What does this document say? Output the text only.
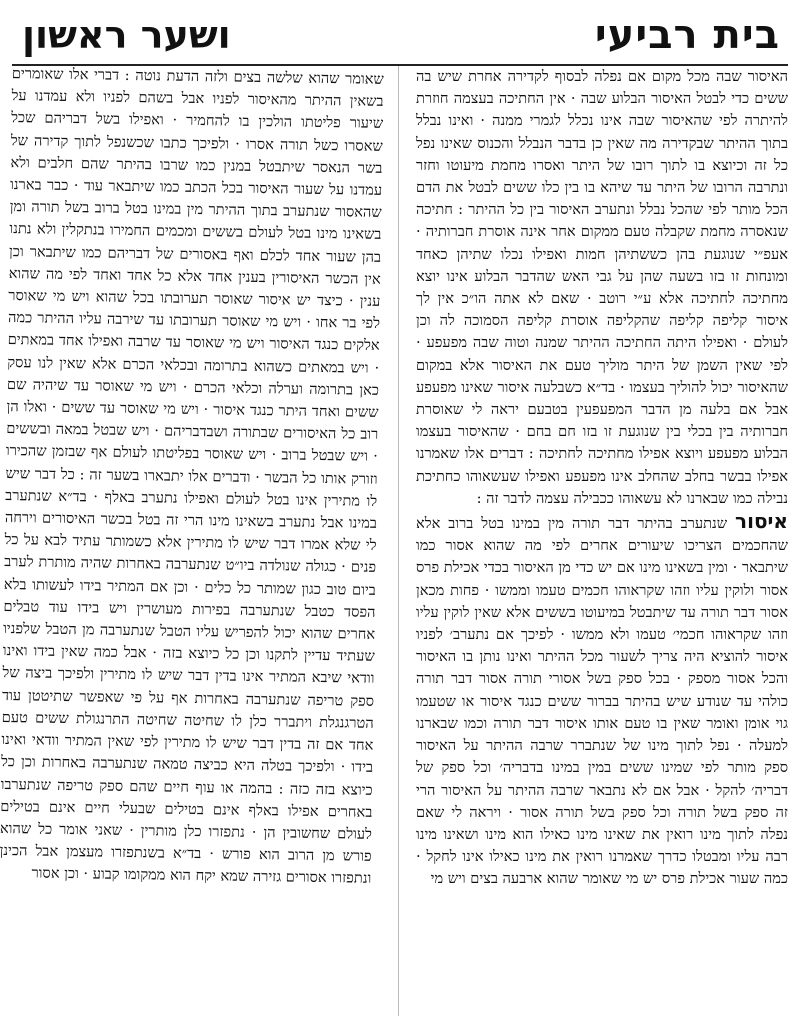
בית רביעי
ושער ראשון

האיסור שבה מכל מקום אם נפלה לבסוף לקדירה אחרת שיש בה ששים כדי לבטל האיסור הבלוע שבה · אין החתיכה בעצמה חוזרת להיתרה לפי שהאיסור שבה אינו נכלל לגמרי ממנה · ואינו נבלל בתוך ההיתר שבקדירה מה שאין כן בדבר הנבלל והכנוס שאינו נפל כל זה וכיוצא בו לתוך רובו של היתר ואסרו מחמת מיעוטו וחזר ונתרבה הרובו של היתר עד שיהא בו בין כלו ששים לבטל את הדם הכל מותר לפי שהכל נבלל ונתערב האיסור בין כל ההיתר : חתיכה שנאסרה מחמת שקבלה טעם ממקום אחר אינה אוסרת חברותיה · אעפ״י שנוגעת בהן כששתיהן חמות ואפילו נכלו שתיהן כאחד ומונחות זו בזו בשעה שהן על גבי האש שהדבר הבלוע אינו יוצא מחתיכה לחתיכה אלא ע״י רוטב · שאם לא אתה הו״כ אין לך איסור קליפה קליפה שהקליפה אוסרת קליפה הסמוכה לה וכן לעולם · ואפילו היתה החתיכה ההיתר שמנה וטוה שבה מפעפע · לפי שאין השמן של היתר מוליך טעם את האיסור אלא במקום שהאיסור יכול להוליך בעצמו · בד״א כשבלעה איסור שאינו מפעפע אבל אם בלעה מן הדבר המפעפעין בטבעם יראה לי שאוסרת חברותיה בין בכלי בין שנוגעת זו בזו חם בחם · שהאיסור בעצמו הבלוע מפעפע ויוצא אפילו מחתיכה לחתיכה : דברים אלו שאמרנו אפילו בבשר בחלב שהחלב אינו מפעפע ואפילו שעשאוהו כחתיכת נבילה כמו שבארנו לא עשאוהו ככבילה עצמה לדבר זה :

איסור שנתערב בהיתר דבר תורה מין במינו בטל ברוב אלא שהחכמים הצריכו שיעורים אחרים לפי מה שהוא אסור כמו שיתבאר · ומין בשאינו מינו אם יש כדי מן האיסור בכדי אכילת פרס אסור ולוקין עליו וזהו שקראוהו חכמים טעמו וממשו · פחות מכאן אסור דבר תורה עד שיתבטל במיעוטו בששים אלא שאין לוקין עליו וזהו שקראוהו חכמי׳ טעמו ולא ממשו · לפיכך אם נתערב׳ לפניו איסור להוציא היה צריך לשעור מכל ההיתר ואינו נותן בו האיסור והכל אסור מספק · בכל ספק בשל אסורי תורה אסור דבר תורה כולהי עד שנודע שיש בהיתר בברור ששים כנגד איסור או שטעמו גוי אומן ואומר שאין בו טעם אותו איסור דבר תורה וכמו שבארנו למעלה · נפל לתוך מינו של שנתברר שרבה ההיתר על האיסור ספק מותר לפי שמינו ששים במין במינו בדבריה׳ וכל ספק של דבריה׳ להקל · אבל אם לא נתבאר שרבה ההיתר על האיסור הרי זה ספק בשל תורה וכל ספק בשל תורה אסור · ויראה לי שאם נפלה לתוך מינו רואין את שאינו מינו כאילו הוא מינו ושאינו מינו רבה עליו ומבטלו כדרך שאמרנו רואין את מינו כאילו אינו לחקל · כמה שעור אכילת פרס יש מי שאומר שהוא ארבעה בצים ויש מי

שאומר שהוא שלשה בצים ולזה הדעת נוטה : דברי אלו שאומרים בשאין ההיתר מהאיסור לפניו אבל בשהם לפניו ולא עמדנו על שיעור פליטתו הולכין בו להחמיר · ואפילו בשל דבריהם שכל שאסרו כשל תורה אסרו · ולפיכך כתבו שכשנפל לתוך קדירה של בשר הנאסר שיתבטל במנין כמו שרבו בהיתר שהם חלבים ולא עמדנו על שעור האיסור בכל הכתב כמו שיתבאר עוד · כבר בארנו שהאסור שנתערב בתוך ההיתר מין במינו בטל ברוב בשל תורה ומן בשאינו מינו בטל לעולם בששים ומכמים החמירו בנתקלין ולא נתנו בהן שעור אחד לכלם ואף באסורים של דבריהם כמו שיתבאר וכן אין הכשר האיסורין בענין אחד אלא כל אחד ואחד לפי מה שהוא ענין · כיצד יש איסור שאוסר תערובתו בכל שהוא ויש מי שאוסר לפי בר אחו · ויש מי שאוסר תערובתו עד שירבה עליו ההיתר כמה אלקים כנגד האיסור ויש מי שאוסר עד שרבה ואפילו אחד במאתים · ויש במאתים כשהוא בתרומה ובכלאי הכרם אלא שאין לנו עסק כאן בתרומה וערלה וכלאי הכרם · ויש מי שאוסר עד שיהיה שם ששים ואחד היתר כנגד איסור · ויש מי שאוסר עד ששים · ואלו הן רוב כל האיסורים שבתורה ושבדבריהם · ויש שבטל במאה ובששים · ויש שבטל ברוב · ויש שאוסר בפליטתו לעולם אף שבזמן שהכירו וזורק אותו כל הבשר · ודברים אלו יתבארו בשער זה : כל דבר שיש לו מתירין אינו בטל לעולם ואפילו נתערב באלף · בד״א שנתערב במינו אבל נתערב בשאינו מינו הרי זה בטל בכשר האיסורים וירחה לי שלא אמרו דבר שיש לו מתירין אלא כשמותר עתיד לבא על כל פנים · כגולה שנולדה ביו״ט שנתערבה באחרות שהיה מותרת לערב ביום טוב כגון שמותר כל כלים · וכן אם המתיר בידו לעשותו בלא הפסד כטבל שנתערבה בפירות מעושרין ויש בידו עוד טבלים אחרים שהוא יכול להפריש עליו הטבל שנתערבה מן הטבל שלפניו שעתיד עדיין לתקנו וכן כל כיוצא בזה · אבל כמה שאין בידו ואינו וודאי שיבא המתיר אינו בדין דבר שיש לו מתירין ולפיכך ביצה של ספק טריפה שנתערבה באחרות אף על פי שאפשר שתיטטן עוד הטרגנגלת ויתברר כלן לו שחיטה שחיטה התרנגולת ששים טעם אחד אם זה בדין דבר שיש לו מתירין לפי שאין המתיר וודאי ואינו בידו · ולפיכך בטלה היא כביצה טמאה שנתערבה באחרות וכן כל כיוצא בזה כזה : בהמה או עוף חיים שהם ספק טריפה שנתערבו באחרים אפילו באלף אינם בטילים שבעלי חיים אינם בטילים לעולם שחשובין הן · נתפזרו כלן מותרין · שאני אומר כל שהוא פורש מן הרוב הוא פורש · בד״א בשנתפזרו מעצמן אבל הכינן ונתפזרו אסורים גזירה שמא יקח הוא ממקומו קבוע · וכן אסור
